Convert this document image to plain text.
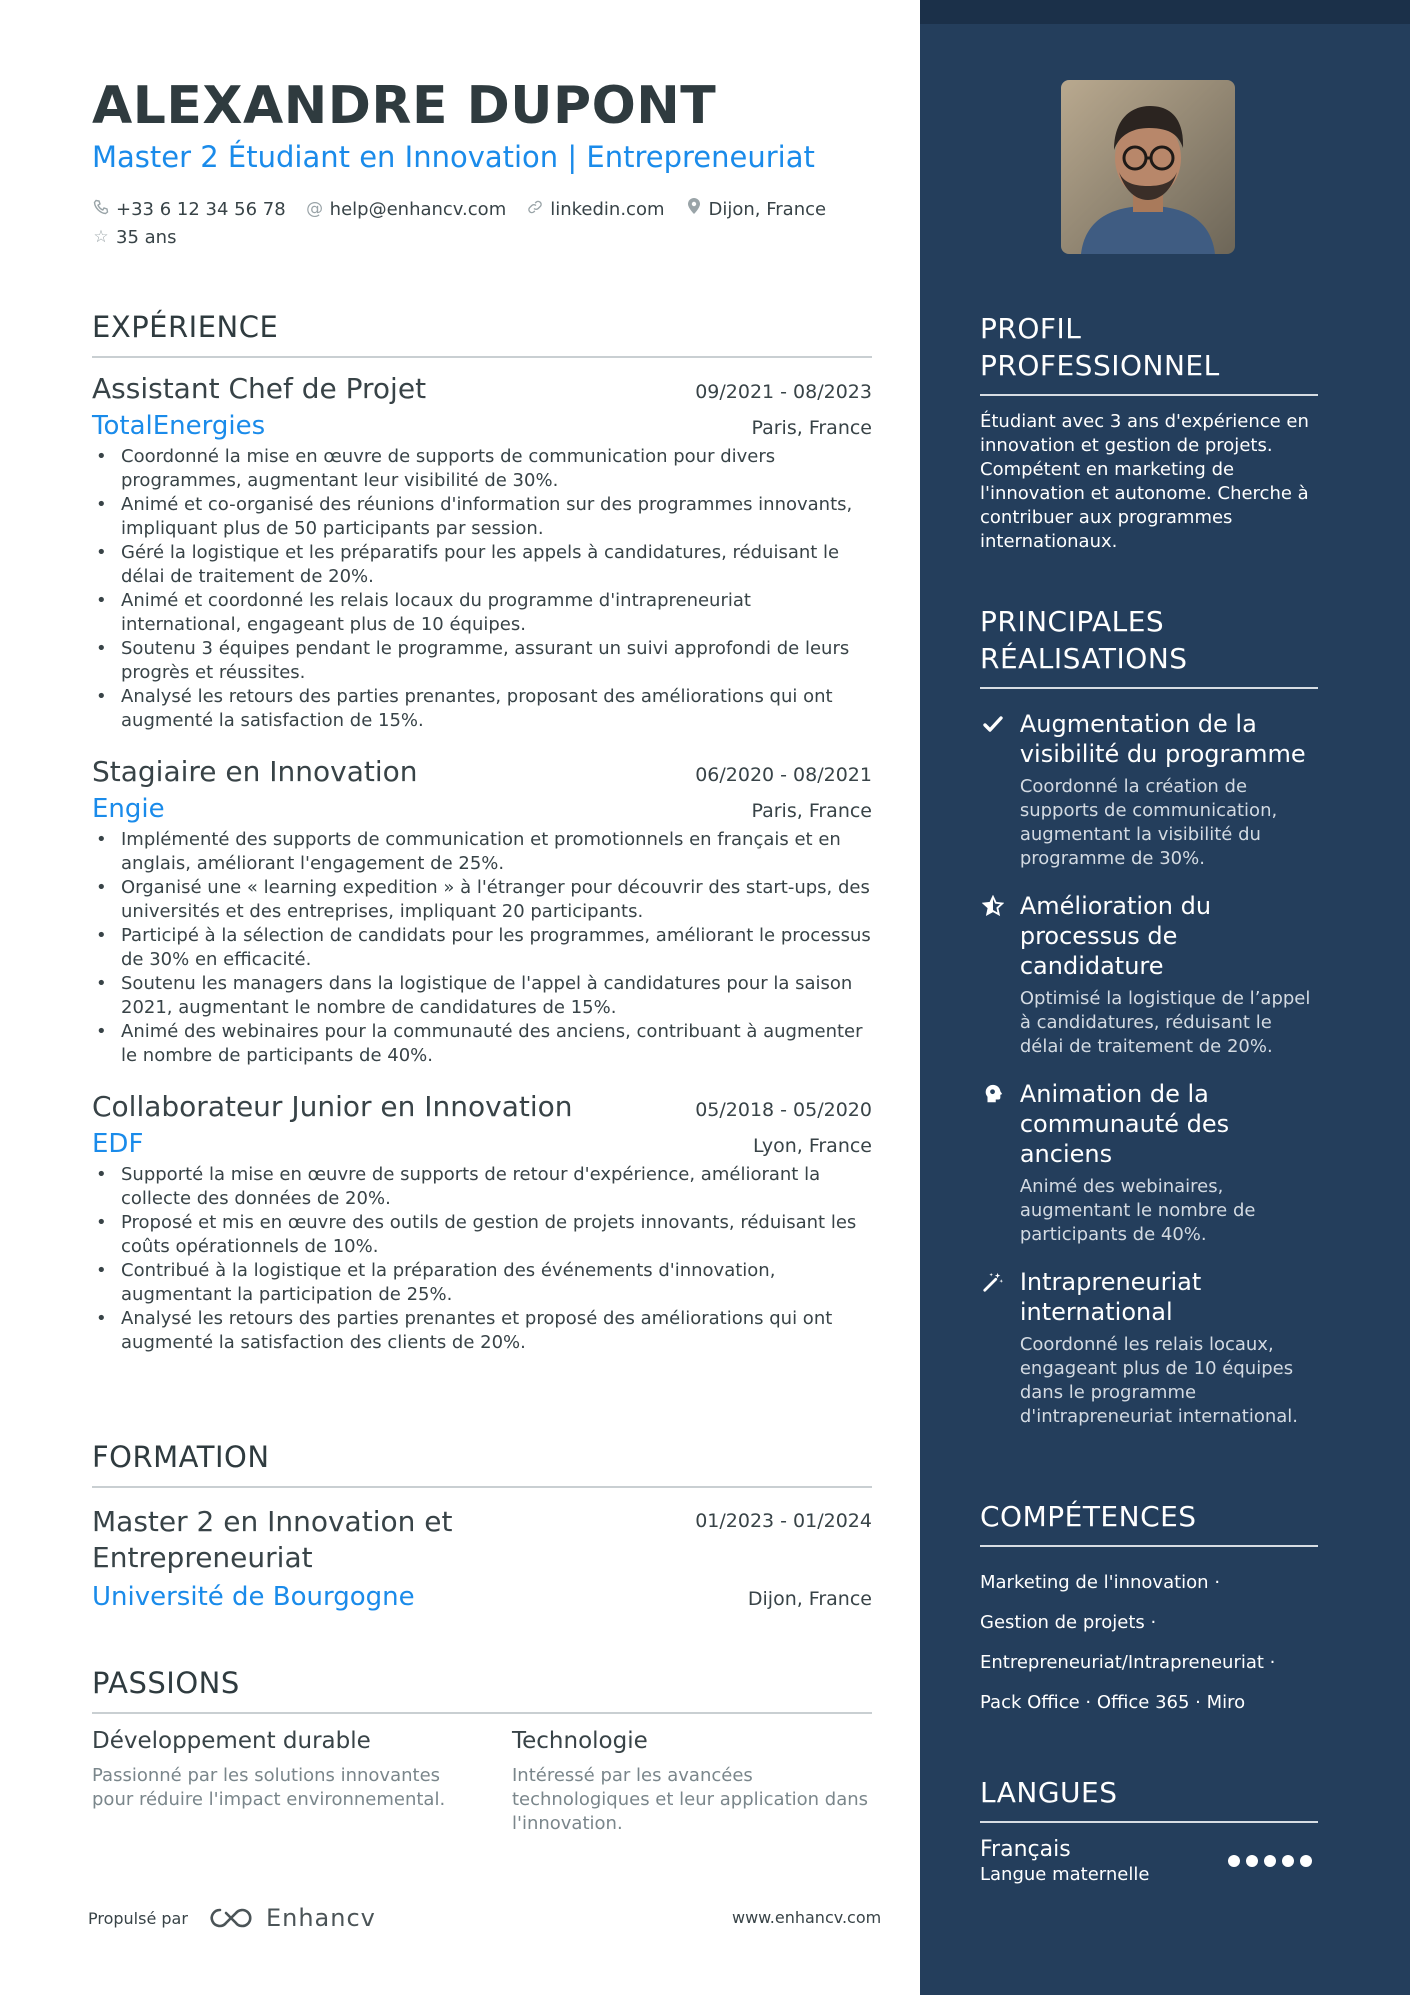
ALEXANDRE DUPONT
Master 2 Étudiant en Innovation | Entrepreneuriat
+33 6 12 34 56 78 @ help@enhancv.com linkedin.com Dijon, France
☆ 35 ans
EXPÉRIENCE
Assistant Chef de Projet	09/2021 - 08/2023
TotalEnergies	Paris, France
• Coordonné la mise en œuvre de supports de communication pour divers programmes, augmentant leur visibilité de 30%.
• Animé et co-organisé des réunions d'information sur des programmes innovants, impliquant plus de 50 participants par session.
• Géré la logistique et les préparatifs pour les appels à candidatures, réduisant le délai de traitement de 20%.
• Animé et coordonné les relais locaux du programme d'intrapreneuriat international, engageant plus de 10 équipes.
• Soutenu 3 équipes pendant le programme, assurant un suivi approfondi de leurs progrès et réussites.
• Analysé les retours des parties prenantes, proposant des améliorations qui ont augmenté la satisfaction de 15%.
Stagiaire en Innovation	06/2020 - 08/2021
Engie	Paris, France
• Implémenté des supports de communication et promotionnels en français et en anglais, améliorant l'engagement de 25%.
• Organisé une « learning expedition » à l'étranger pour découvrir des start-ups, des universités et des entreprises, impliquant 20 participants.
• Participé à la sélection de candidats pour les programmes, améliorant le processus de 30% en efficacité.
• Soutenu les managers dans la logistique de l'appel à candidatures pour la saison 2021, augmentant le nombre de candidatures de 15%.
• Animé des webinaires pour la communauté des anciens, contribuant à augmenter le nombre de participants de 40%.
Collaborateur Junior en Innovation	05/2018 - 05/2020
EDF	Lyon, France
• Supporté la mise en œuvre de supports de retour d'expérience, améliorant la collecte des données de 20%.
• Proposé et mis en œuvre des outils de gestion de projets innovants, réduisant les coûts opérationnels de 10%.
• Contribué à la logistique et la préparation des événements d'innovation, augmentant la participation de 25%.
• Analysé les retours des parties prenantes et proposé des améliorations qui ont augmenté la satisfaction des clients de 20%.
FORMATION
Master 2 en Innovation et
Entrepreneuriat
01/2023 - 01/2024
Université de Bourgogne	Dijon, France
PASSIONS
Développement durable
Passionné par les solutions innovantes pour réduire l'impact environnemental.
Technologie
Intéressé par les avancées technologiques et leur application dans l'innovation.
Propulsé par	Enhancv	www.enhancv.com
PROFIL
PROFESSIONNEL
Étudiant avec 3 ans d'expérience en innovation et gestion de projets. Compétent en marketing de l'innovation et autonome. Cherche à contribuer aux programmes internationaux.
PRINCIPALES
RÉALISATIONS
Augmentation de la visibilité du programme
Coordonné la création de supports de communication, augmentant la visibilité du programme de 30%.
Amélioration du processus de candidature
Optimisé la logistique de l’appel à candidatures, réduisant le délai de traitement de 20%.
Animation de la communauté des anciens
Animé des webinaires, augmentant le nombre de participants de 40%.
Intrapreneuriat international
Coordonné les relais locaux, engageant plus de 10 équipes dans le programme d'intrapreneuriat international.
COMPÉTENCES
Marketing de l'innovation ·
Gestion de projets ·
Entrepreneuriat/Intrapreneuriat ·
Pack Office · Office 365 · Miro
LANGUES
Français
Langue maternelle
